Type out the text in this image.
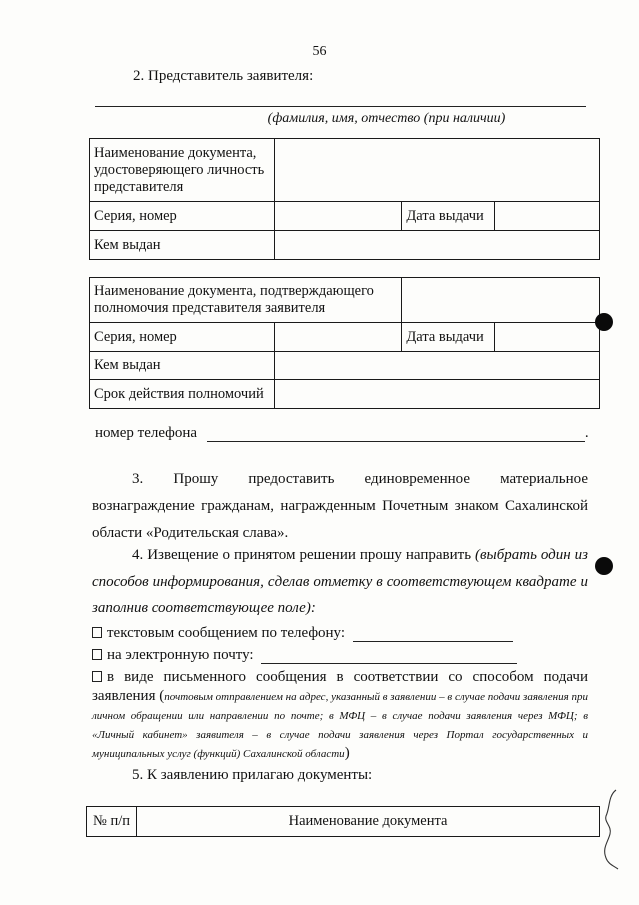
56
2. Представитель заявителя:
(фамилия, имя, отчество (при наличии)
Наименование документа, удостоверяющего личность представителя			
Серия, номер		Дата выдачи	
Кем выдан			
Наименование документа, подтверждающего полномочия представителя заявителя			
Серия, номер		Дата выдачи	
Кем выдан			
Срок действия полномочий			
номер телефона	.
3. Прошу предоставить единовременное материальное вознаграждение гражданам, награжденным Почетным знаком Сахалинской области «Родительская слава».
4. Извещение о принятом решении прошу направить (выбрать один из способов информирования, сделав отметку в соответствующем квадрате и заполнив соответствующее поле):
текстовым сообщением по телефону:
на электронную почту:
в виде письменного сообщения в соответствии со способом подачи заявления (почтовым отправлением на адрес, указанный в заявлении – в случае подачи заявления при личном обращении или направлении по почте; в МФЦ – в случае подачи заявления через МФЦ; в «Личный кабинет» заявителя – в случае подачи заявления через Портал государственных и муниципальных услуг (функций) Сахалинской области)
5. К заявлению прилагаю документы:
№ п/п	Наименование документа
